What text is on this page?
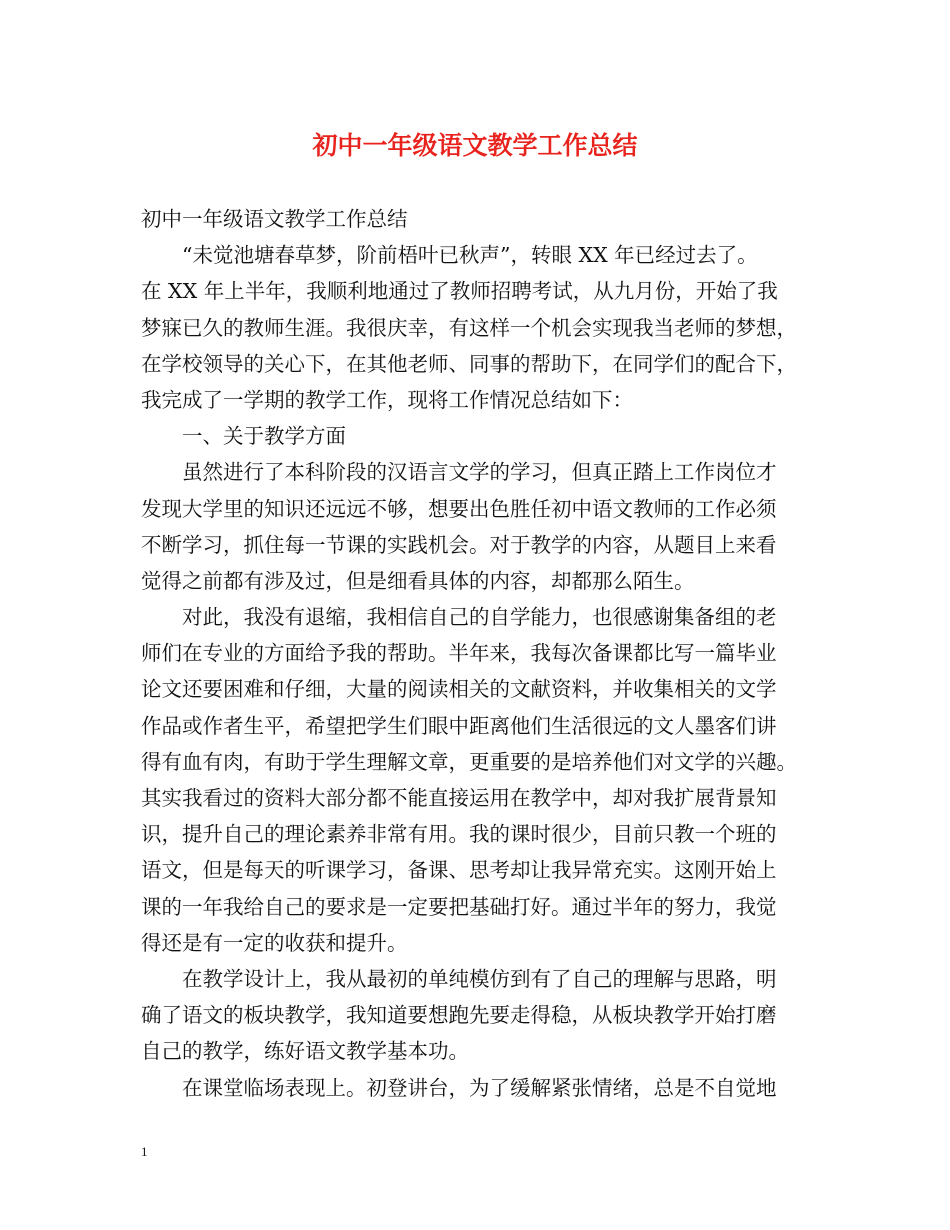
初中一年级语文教学工作总结
初中一年级语文教学工作总结
“未觉池塘春草梦，阶前梧叶已秋声”，转眼 XX 年已经过去了。
在 XX 年上半年，我顺利地通过了教师招聘考试，从九月份，开始了我
梦寐已久的教师生涯。我很庆幸，有这样一个机会实现我当老师的梦想，
在学校领导的关心下，在其他老师、同事的帮助下，在同学们的配合下，
我完成了一学期的教学工作，现将工作情况总结如下：
一、关于教学方面
虽然进行了本科阶段的汉语言文学的学习，但真正踏上工作岗位才
发现大学里的知识还远远不够，想要出色胜任初中语文教师的工作必须
不断学习，抓住每一节课的实践机会。对于教学的内容，从题目上来看
觉得之前都有涉及过，但是细看具体的内容，却都那么陌生。
对此，我没有退缩，我相信自己的自学能力，也很感谢集备组的老
师们在专业的方面给予我的帮助。半年来，我每次备课都比写一篇毕业
论文还要困难和仔细，大量的阅读相关的文献资料，并收集相关的文学
作品或作者生平，希望把学生们眼中距离他们生活很远的文人墨客们讲
得有血有肉，有助于学生理解文章，更重要的是培养他们对文学的兴趣。
其实我看过的资料大部分都不能直接运用在教学中，却对我扩展背景知
识，提升自己的理论素养非常有用。我的课时很少，目前只教一个班的
语文，但是每天的听课学习，备课、思考却让我异常充实。这刚开始上
课的一年我给自己的要求是一定要把基础打好。通过半年的努力，我觉
得还是有一定的收获和提升。
在教学设计上，我从最初的单纯模仿到有了自己的理解与思路，明
确了语文的板块教学，我知道要想跑先要走得稳，从板块教学开始打磨
自己的教学，练好语文教学基本功。
在课堂临场表现上。初登讲台，为了缓解紧张情绪，总是不自觉地
1
